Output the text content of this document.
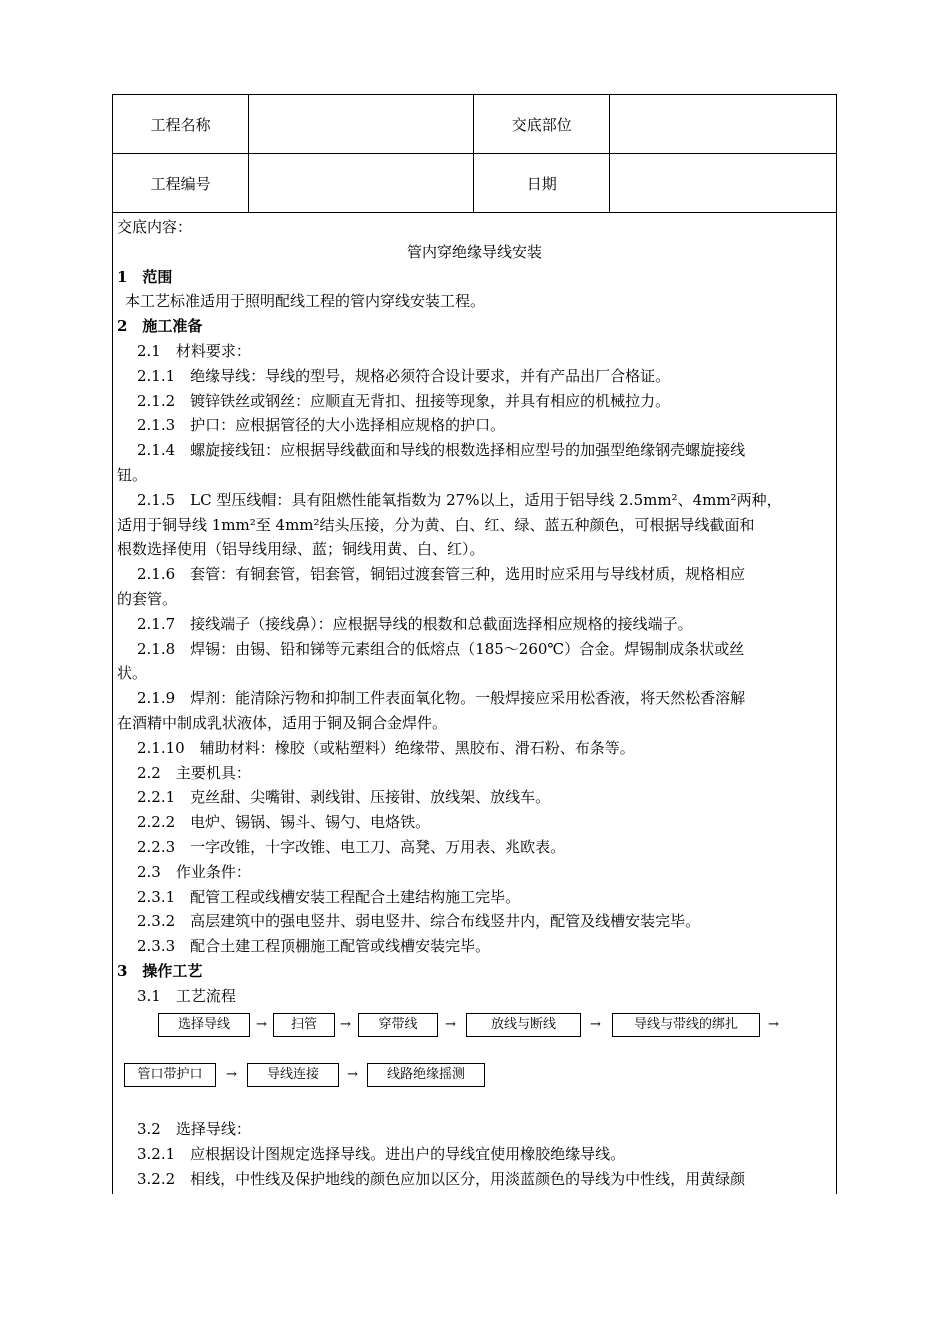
工程名称		交底部位	
工程编号		日期	
交底内容：
管内穿绝缘导线安装
1　范围
本工艺标准适用于照明配线工程的管内穿线安装工程。
2　施工准备
2.1　材料要求：
2.1.1　绝缘导线：导线的型号，规格必须符合设计要求，并有产品出厂合格证。
2.1.2　镀锌铁丝或钢丝：应顺直无背扣、扭接等现象，并具有相应的机械拉力。
2.1.3　护口：应根据管径的大小选择相应规格的护口。
2.1.4　螺旋接线钮：应根据导线截面和导线的根数选择相应型号的加强型绝缘钢壳螺旋接线
钮。
2.1.5　LC 型压线帽：具有阻燃性能氧指数为 27%以上，适用于铝导线 2.5mm²、4mm²两种，
适用于铜导线 1mm²至 4mm²结头压接，分为黄、白、红、绿、蓝五种颜色，可根据导线截面和
根数选择使用（铝导线用绿、蓝；铜线用黄、白、红）。
2.1.6　套管：有铜套管，铝套管，铜铝过渡套管三种，选用时应采用与导线材质，规格相应
的套管。
2.1.7　接线端子（接线鼻）：应根据导线的根数和总截面选择相应规格的接线端子。
2.1.8　焊锡：由锡、铅和锑等元素组合的低熔点（185～260℃）合金。焊锡制成条状或丝
状。
2.1.9　焊剂：能清除污物和抑制工件表面氧化物。一般焊接应采用松香液，将天然松香溶解
在酒精中制成乳状液体，适用于铜及铜合金焊件。
2.1.10　辅助材料：橡胶（或粘塑料）绝缘带、黑胶布、滑石粉、布条等。
2.2　主要机具：
2.2.1　克丝甜、尖嘴钳、剥线钳、压接钳、放线架、放线车。
2.2.2　电炉、锡锅、锡斗、锡勺、电烙铁。
2.2.3　一字改锥，十字改锥、电工刀、高凳、万用表、兆欧表。
2.3　作业条件：
2.3.1　配管工程或线槽安装工程配合土建结构施工完毕。
2.3.2　高层建筑中的强电竖井、弱电竖井、综合布线竖井内，配管及线槽安装完毕。
2.3.3　配合土建工程顶棚施工配管或线槽安装完毕。
3　操作工艺
3.1　工艺流程
选择导线	→	扫管	→	穿带线	→	放线与断线	→	导线与带线的绑扎	→
管口带护口	→	导线连接	→	线路绝缘摇测
3.2　选择导线：
3.2.1　应根据设计图规定选择导线。进出户的导线宜使用橡胶绝缘导线。
3.2.2　相线，中性线及保护地线的颜色应加以区分，用淡蓝颜色的导线为中性线，用黄绿颜
